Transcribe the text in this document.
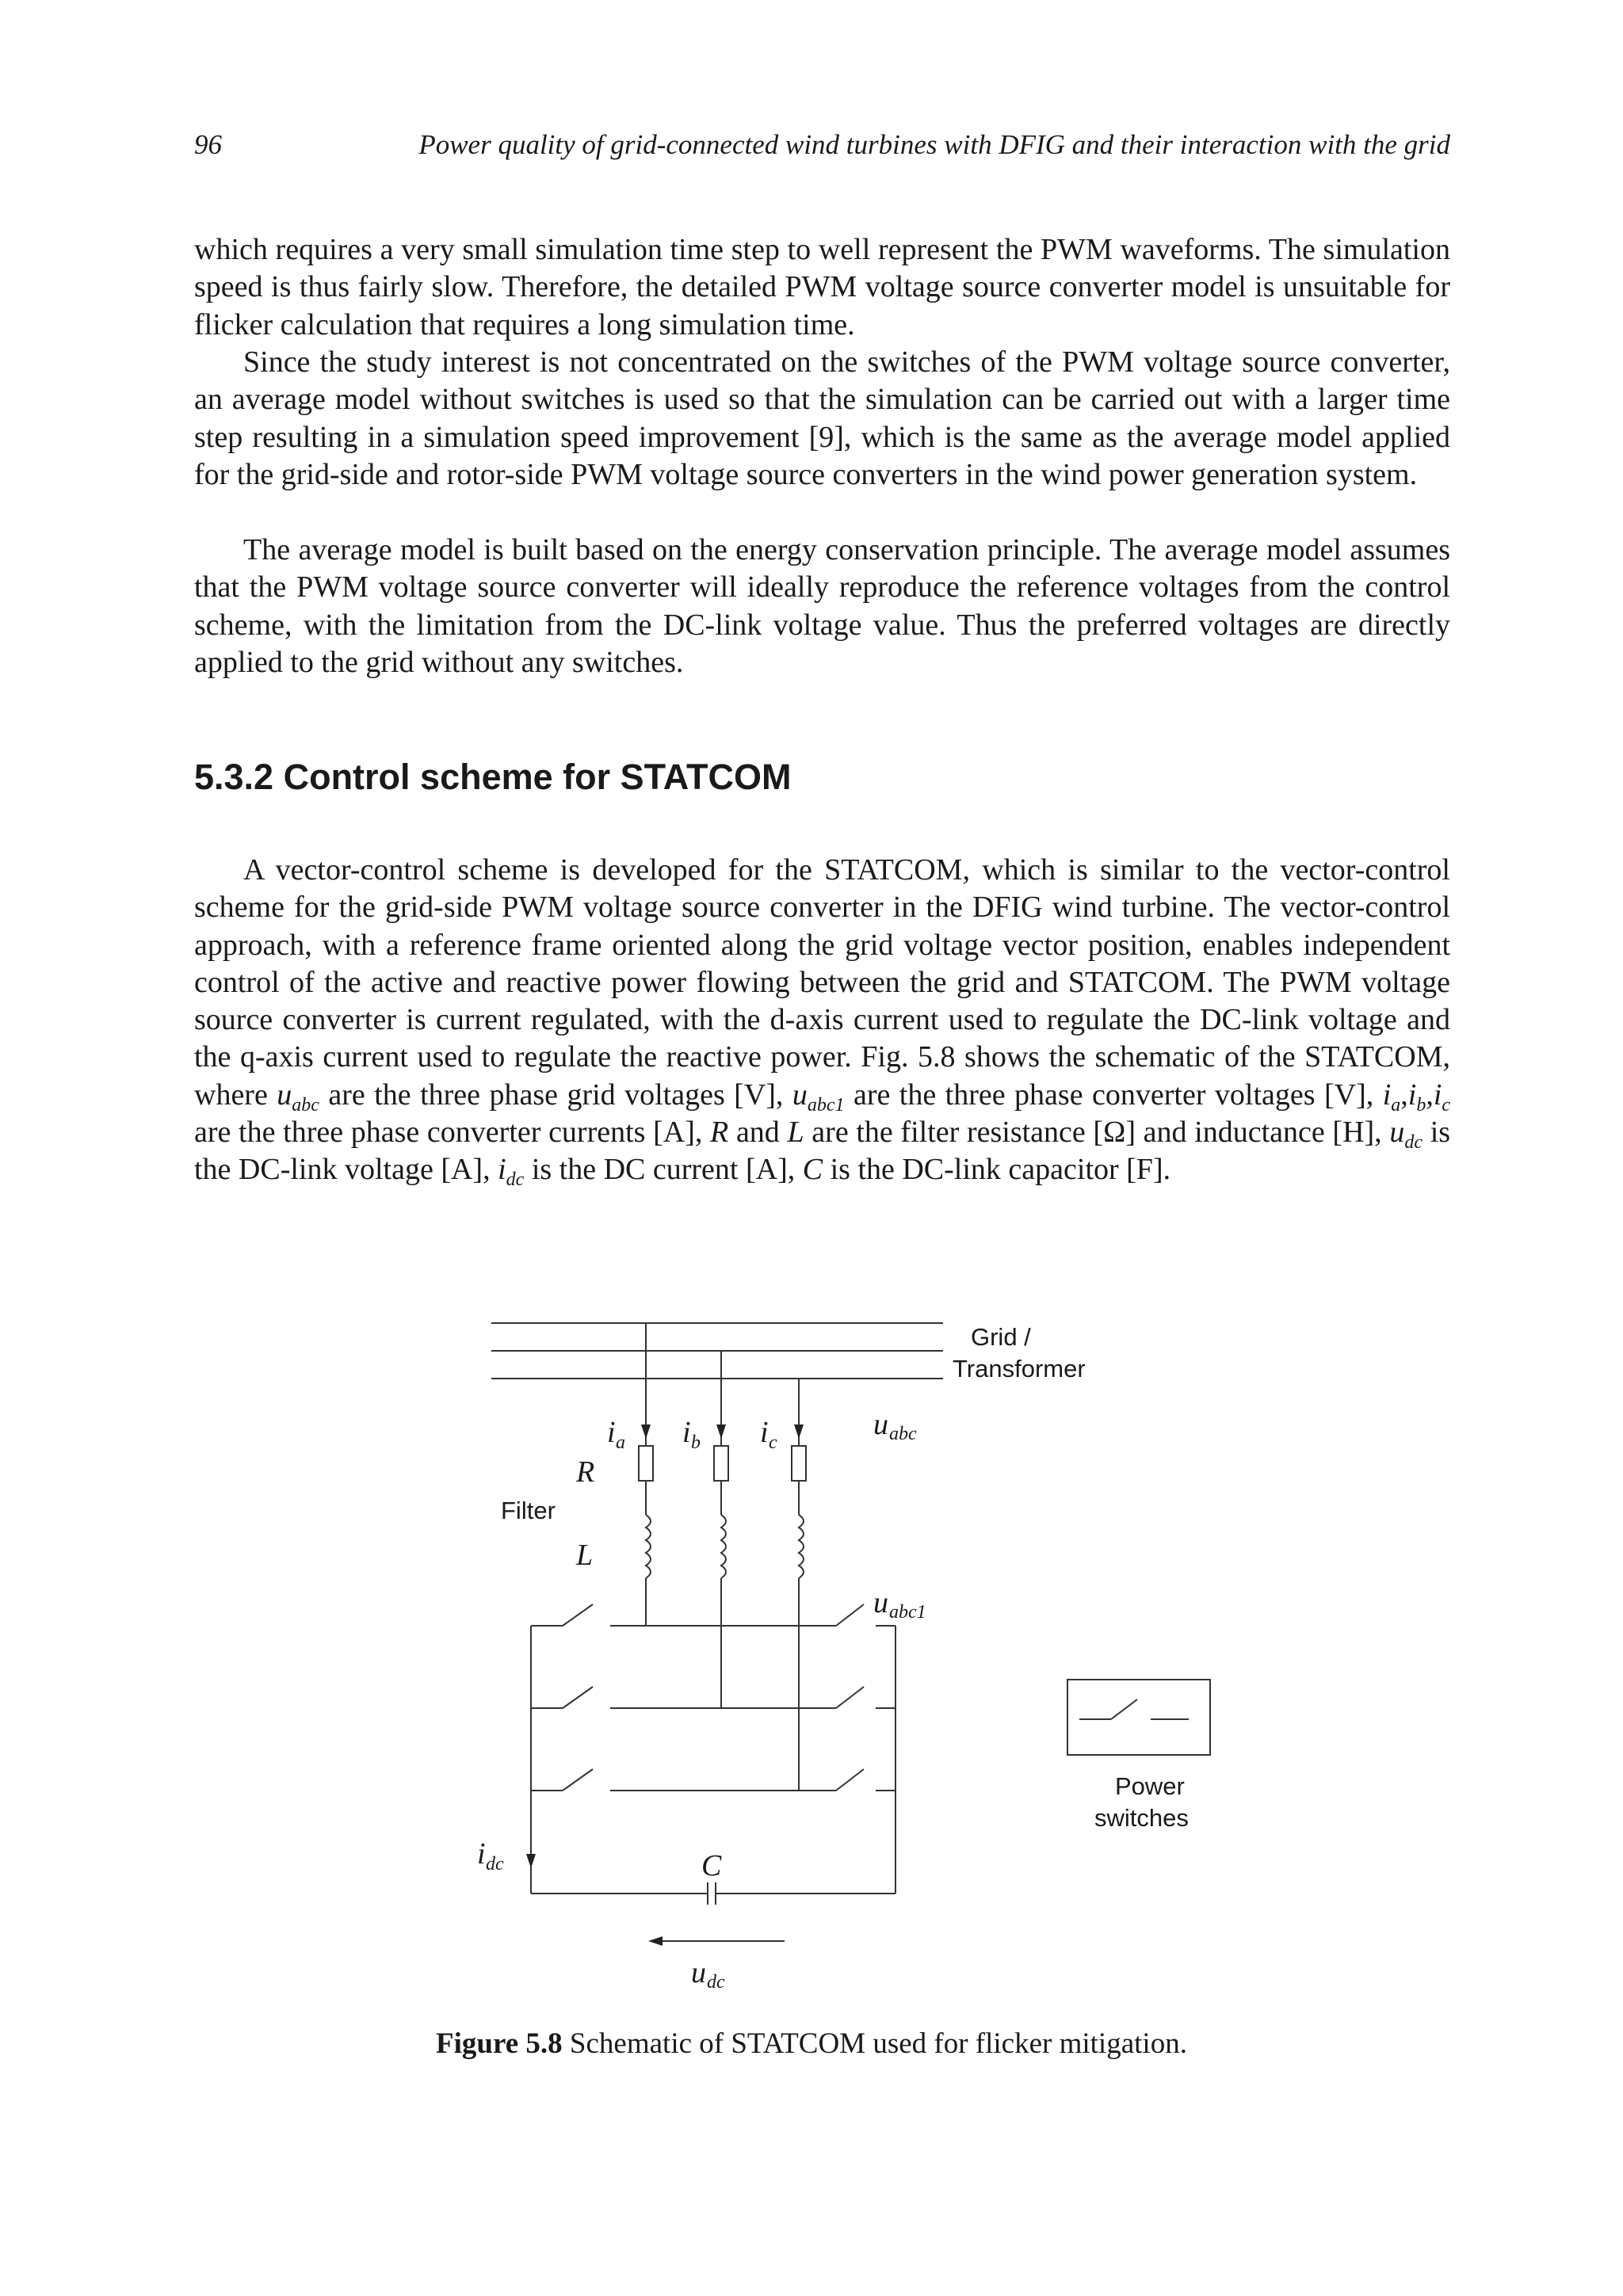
96	Power quality of grid-connected wind turbines with DFIG and their interaction with the grid

which requires a very small simulation time step to well represent the PWM waveforms. The simulation speed is thus fairly slow. Therefore, the detailed PWM voltage source converter model is unsuitable for flicker calculation that requires a long simulation time.

Since the study interest is not concentrated on the switches of the PWM voltage source converter, an average model without switches is used so that the simulation can be carried out with a larger time step resulting in a simulation speed improvement [9], which is the same as the average model applied for the grid-side and rotor-side PWM voltage source converters in the wind power generation system.

The average model is built based on the energy conservation principle. The average model assumes that the PWM voltage source converter will ideally reproduce the reference voltages from the control scheme, with the limitation from the DC-link voltage value. Thus the preferred voltages are directly applied to the grid without any switches.

5.3.2 Control scheme for STATCOM

A vector-control scheme is developed for the STATCOM, which is similar to the vector-control scheme for the grid-side PWM voltage source converter in the DFIG wind turbine. The vector-control approach, with a reference frame oriented along the grid voltage vector position, enables independent control of the active and reactive power flowing between the grid and STATCOM. The PWM voltage source converter is current regulated, with the d-axis current used to regulate the DC-link voltage and the q-axis current used to regulate the reactive power. Fig. 5.8 shows the schematic of the STATCOM, where $u_{abc}$ are the three phase grid voltages [V], $u_{abc1}$ are the three phase converter voltages [V], $i_a,i_b,i_c$ are the three phase converter currents [A], R and L are the filter resistance [Ω] and inductance [H], $u_{dc}$ is the DC-link voltage [A], $i_{dc}$ is the DC current [A], C is the DC-link capacitor [F].

Grid /
Transformer
Filter
Power
switches
i a i b i c
u abc
u abc1
R
L
C
i dc
u dc
Figure 5.8 Schematic of STATCOM used for flicker mitigation.
